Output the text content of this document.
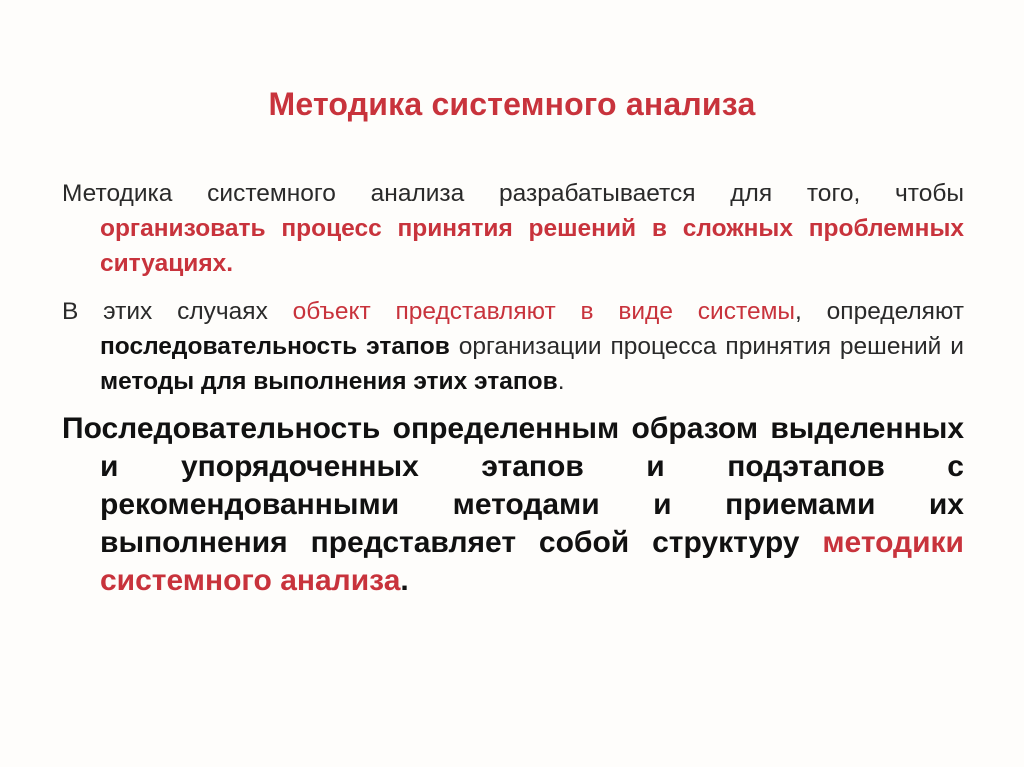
Методика системного анализа

Методика системного анализа разрабатывается для того, чтобы организовать процесс принятия решений в сложных проблемных ситуациях.

В этих случаях объект представляют в виде системы, определяют последовательность этапов организации процесса принятия решений и методы для выполнения этих этапов.

Последовательность определенным образом выделенных и упорядоченных этапов и подэтапов с рекомендованными методами и приемами их выполнения представляет собой структуру методики системного анализа.
